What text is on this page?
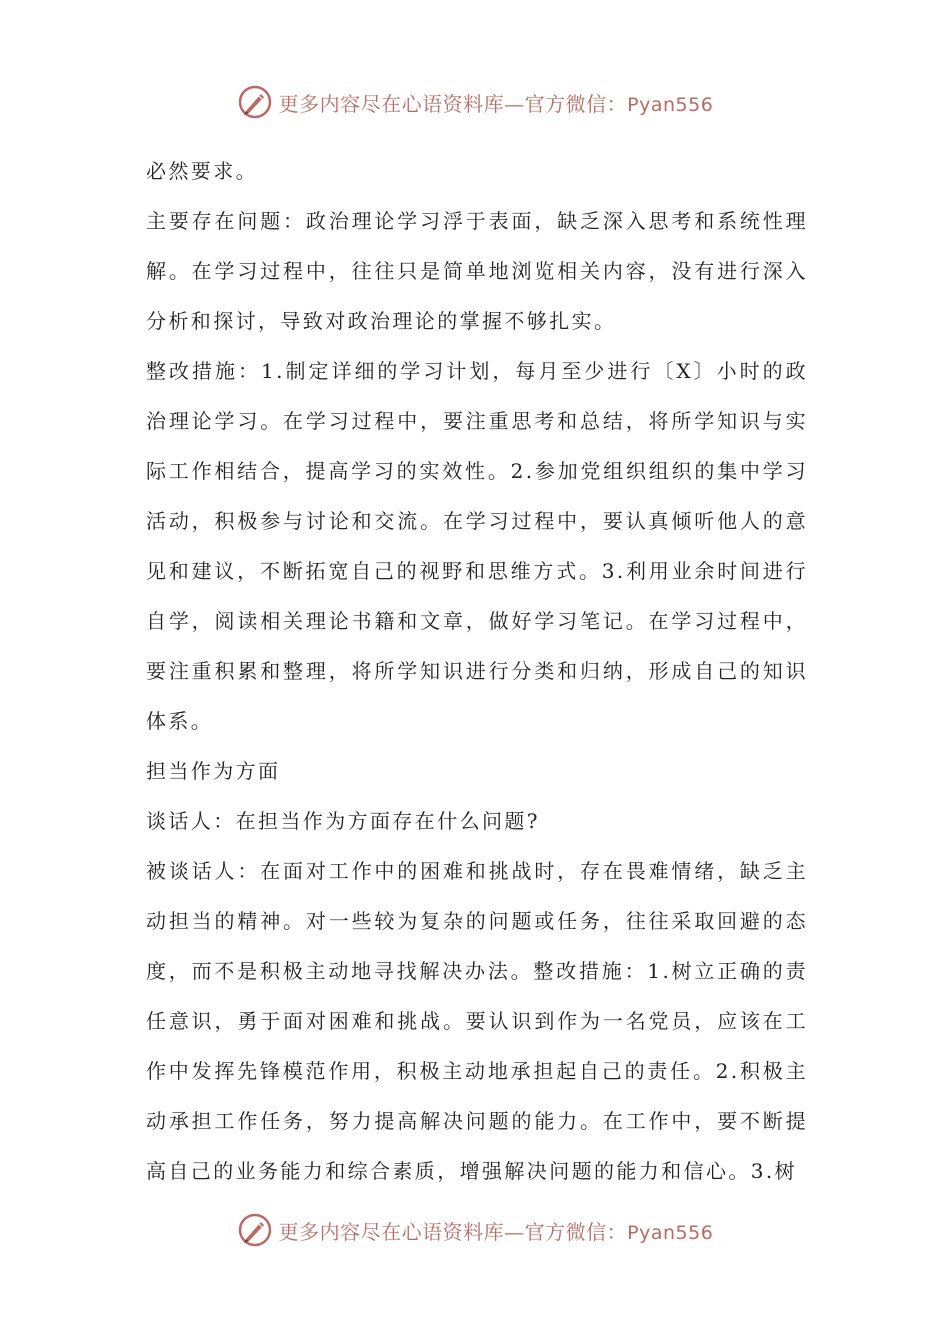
更多内容尽在心语资料库—官方微信：Pyan556

必然要求。

主要存在问题：政治理论学习浮于表面，缺乏深入思考和系统性理解。在学习过程中，往往只是简单地浏览相关内容，没有进行深入分析和探讨，导致对政治理论的掌握不够扎实。

整改措施：1.制定详细的学习计划，每月至少进行〔X〕小时的政治理论学习。在学习过程中，要注重思考和总结，将所学知识与实际工作相结合，提高学习的实效性。2.参加党组织组织的集中学习活动，积极参与讨论和交流。在学习过程中，要认真倾听他人的意见和建议，不断拓宽自己的视野和思维方式。3.利用业余时间进行自学，阅读相关理论书籍和文章，做好学习笔记。在学习过程中，要注重积累和整理，将所学知识进行分类和归纳，形成自己的知识体系。

担当作为方面

谈话人：在担当作为方面存在什么问题?

被谈话人：在面对工作中的困难和挑战时，存在畏难情绪，缺乏主动担当的精神。对一些较为复杂的问题或任务，往往采取回避的态度，而不是积极主动地寻找解决办法。整改措施：1.树立正确的责任意识，勇于面对困难和挑战。要认识到作为一名党员，应该在工作中发挥先锋模范作用，积极主动地承担起自己的责任。2.积极主动承担工作任务，努力提高解决问题的能力。在工作中，要不断提高自己的业务能力和综合素质，增强解决问题的能力和信心。3.树

更多内容尽在心语资料库—官方微信：Pyan556
